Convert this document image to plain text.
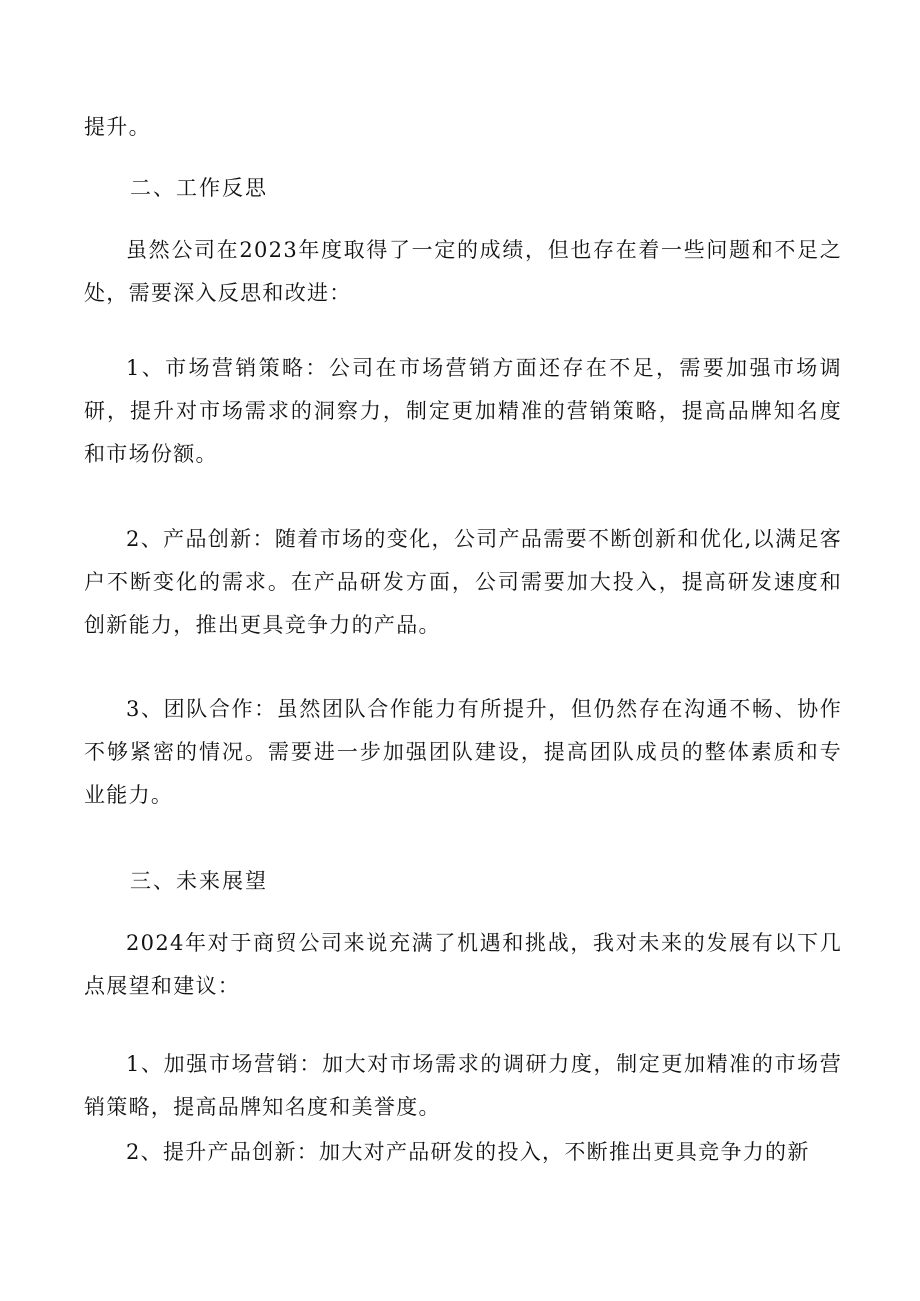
提升。

二、工作反思

虽然公司在2023年度取得了一定的成绩，但也存在着一些问题和不足之处，需要深入反思和改进：

1、市场营销策略：公司在市场营销方面还存在不足，需要加强市场调研，提升对市场需求的洞察力，制定更加精准的营销策略，提高品牌知名度和市场份额。

2、产品创新：随着市场的变化，公司产品需要不断创新和优化,以满足客户不断变化的需求。在产品研发方面，公司需要加大投入，提高研发速度和创新能力，推出更具竞争力的产品。

3、团队合作：虽然团队合作能力有所提升，但仍然存在沟通不畅、协作不够紧密的情况。需要进一步加强团队建设，提高团队成员的整体素质和专业能力。

三、未来展望

2024年对于商贸公司来说充满了机遇和挑战，我对未来的发展有以下几点展望和建议：

1、加强市场营销：加大对市场需求的调研力度，制定更加精准的市场营销策略，提高品牌知名度和美誉度。

2、提升产品创新：加大对产品研发的投入，不断推出更具竞争力的新
